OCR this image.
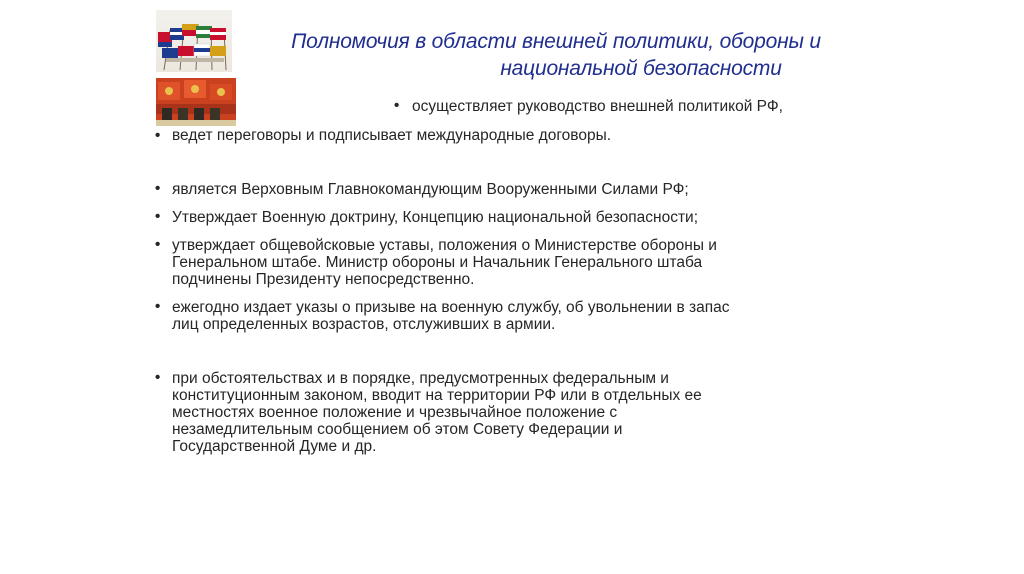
Полномочия в области внешней политики, обороны и
национальной безопасности
• осуществляет руководство внешней политикой РФ,
• ведет переговоры и подписывает международные договоры.
• является Верховным Главнокомандующим Вооруженными Силами РФ;
• Утверждает Военную доктрину, Концепцию национальной безопасности;
• утверждает общевойсковые уставы, положения о Министерстве обороны и
Генеральном штабе. Министр обороны и Начальник Генерального штаба
подчинены Президенту непосредственно.
• ежегодно издает указы о призыве на военную службу, об увольнении в запас
лиц определенных возрастов, отслуживших в армии.
• при обстоятельствах и в порядке, предусмотренных федеральным и
конституционным законом, вводит на территории РФ или в отдельных ее
местностях военное положение и чрезвычайное положение с
незамедлительным сообщением об этом Совету Федерации и
Государственной Думе и др.
